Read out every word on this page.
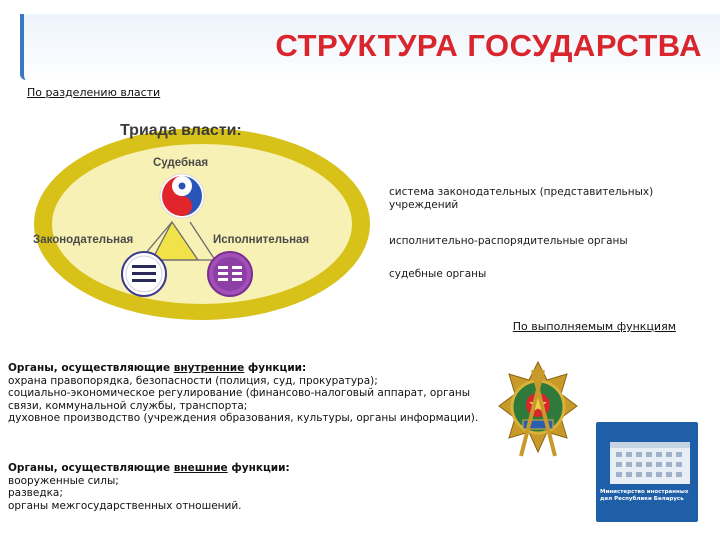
СТРУКТУРА ГОСУДАРСТВА
По разделению власти
Триада власти:
Судебная
Законодательная	Исполнительная
система законодательных (представительных) учреждений
исполнительно-распорядительные органы
судебные органы
По выполняемым функциям
Органы, осуществляющие внутренние функции:
охрана правопорядка, безопасности (полиция, суд, прокуратура);
социально-экономическое регулирование (финансово-налоговый аппарат, органы связи, коммунальной службы, транспорта;
духовное производство (учреждения образования, культуры, органы информации).
Органы, осуществляющие внешние функции:
вооруженные силы;
разведка;
органы межгосударственных отношений.
Министерство иностранных дел Республики Беларусь
